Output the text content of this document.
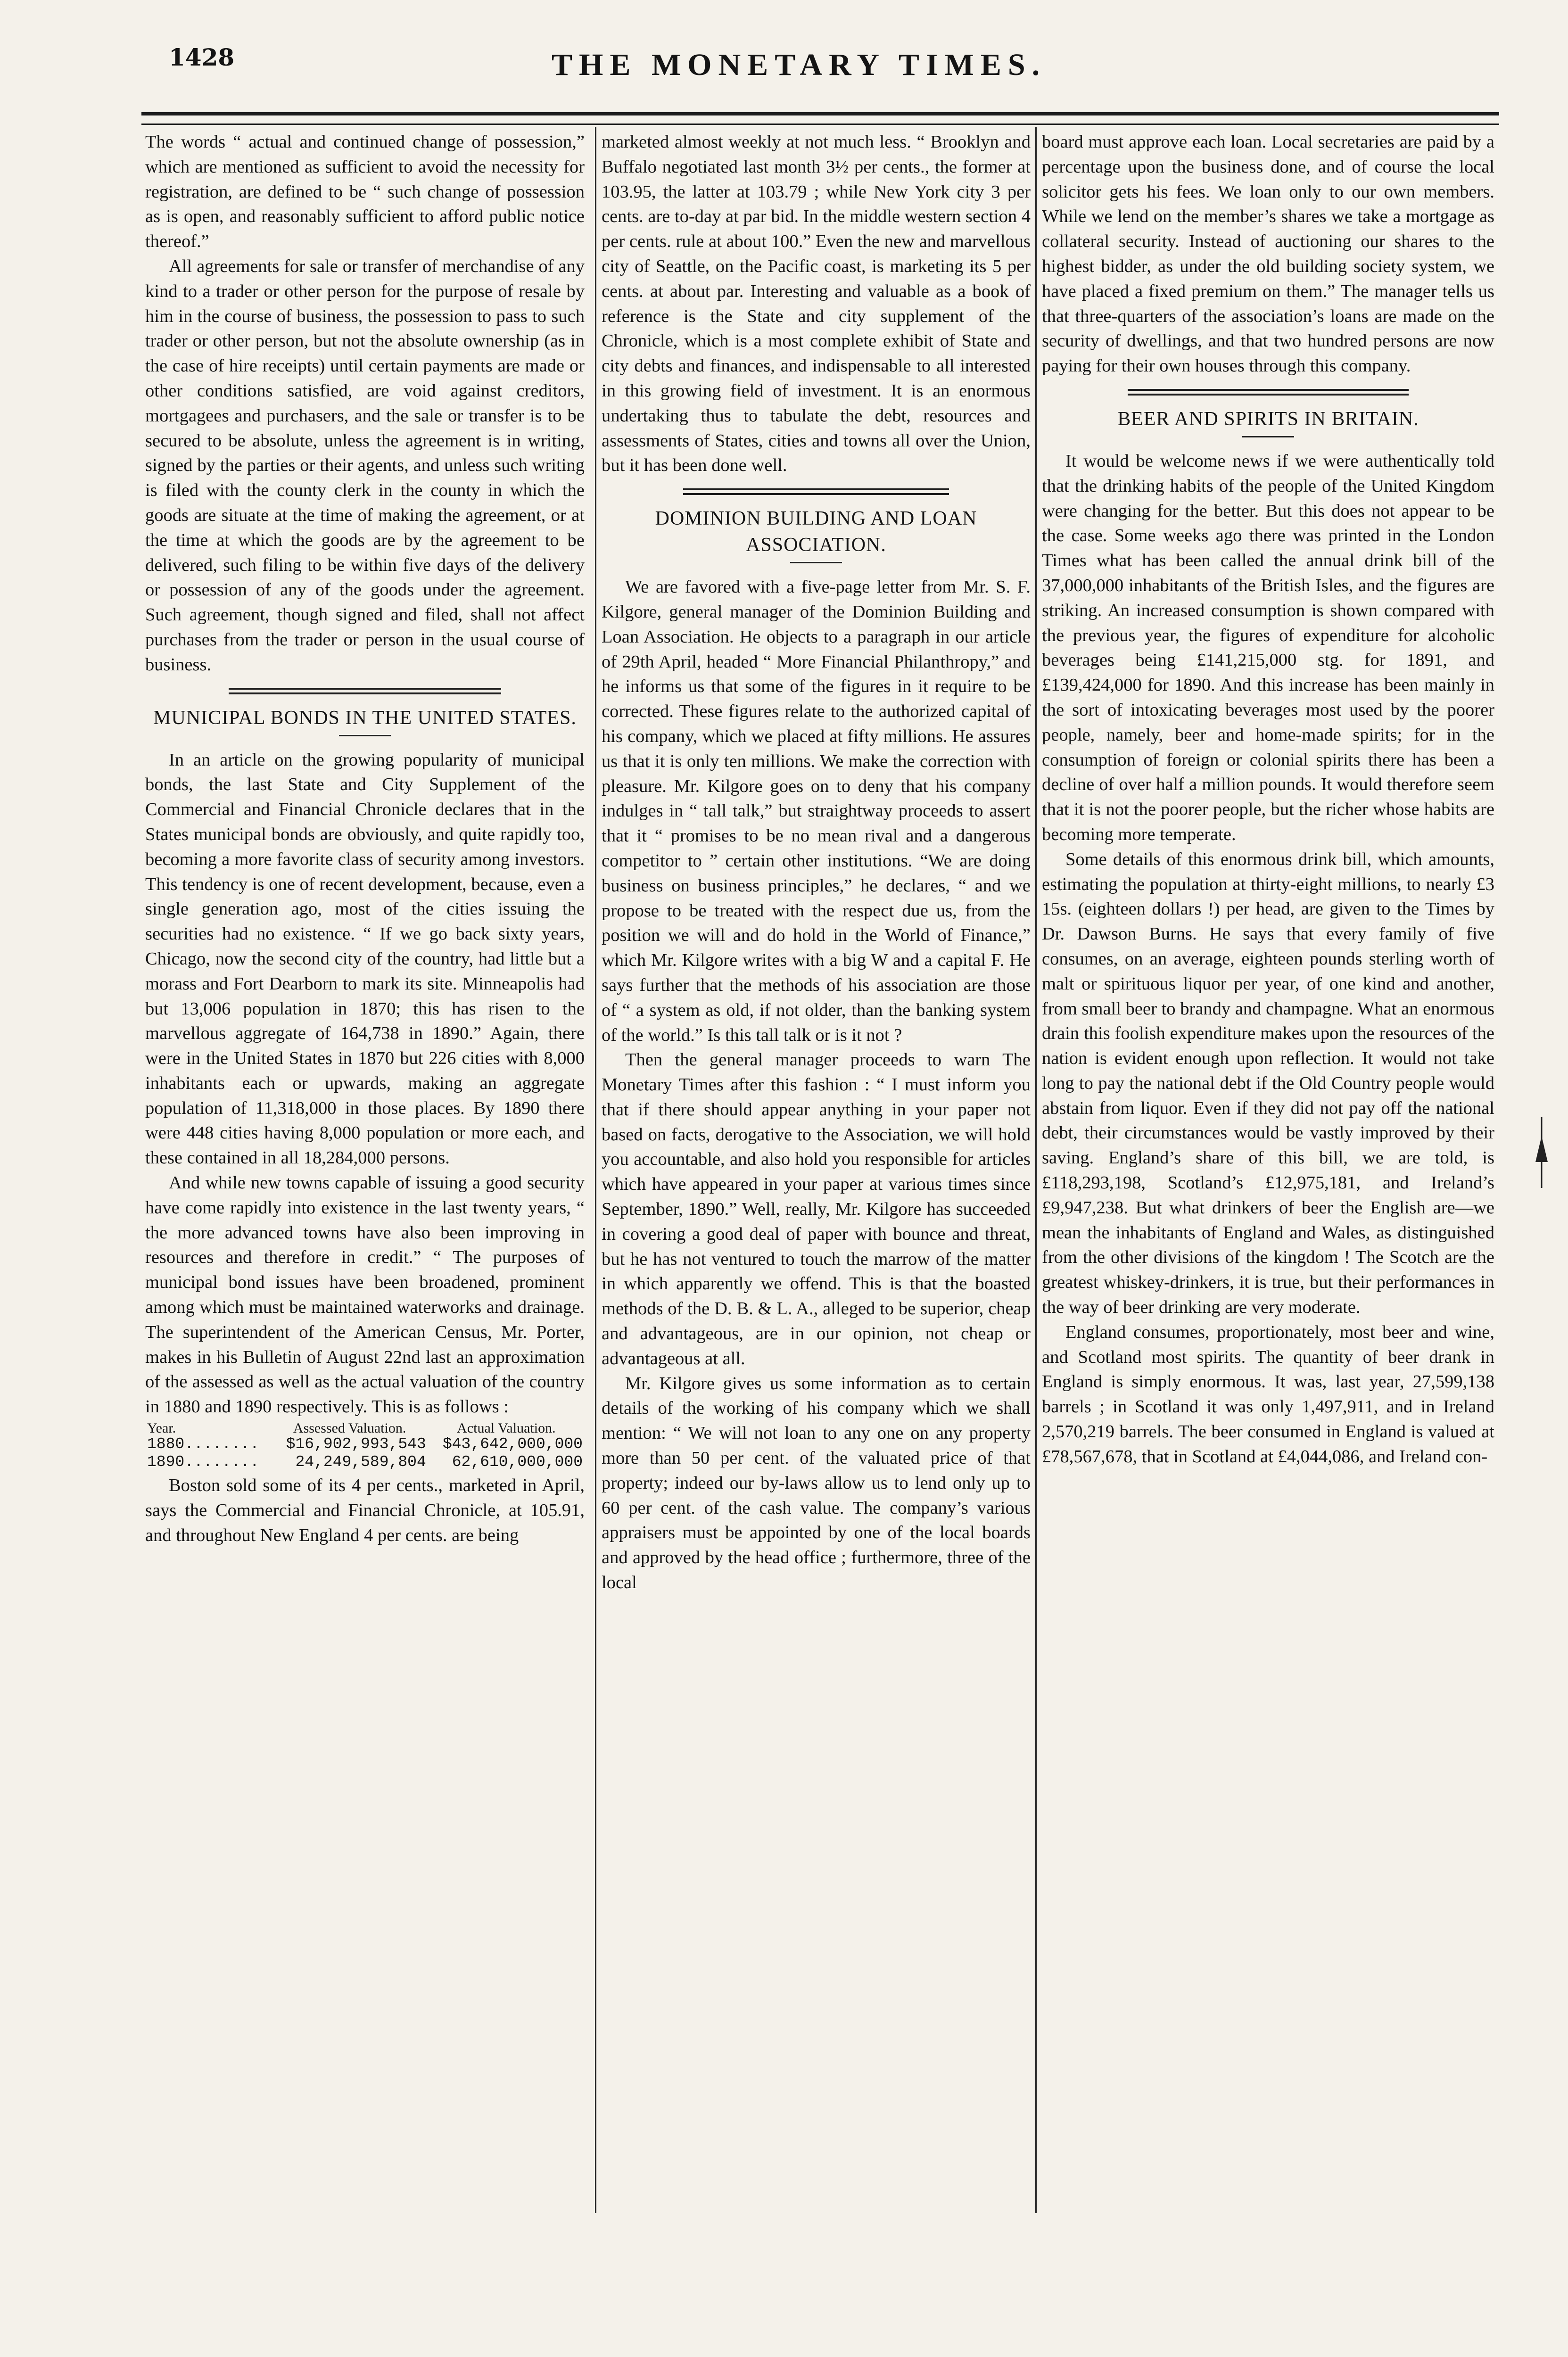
1428	THE MONETARY TIMES.

The words “ actual and continued change of possession,” which are mentioned as sufficient to avoid the necessity for registration, are defined to be “ such change of possession as is open, and reasonably sufficient to afford public notice thereof.”

All agreements for sale or transfer of merchandise of any kind to a trader or other person for the purpose of resale by him in the course of business, the possession to pass to such trader or other person, but not the absolute ownership (as in the case of hire receipts) until certain payments are made or other conditions satisfied, are void against creditors, mortgagees and purchasers, and the sale or transfer is to be secured to be absolute, unless the agreement is in writing, signed by the parties or their agents, and unless such writing is filed with the county clerk in the county in which the goods are situate at the time of making the agreement, or at the time at which the goods are by the agreement to be delivered, such filing to be within five days of the delivery or possession of any of the goods under the agreement. Such agreement, though signed and filed, shall not affect purchases from the trader or person in the usual course of business.

MUNICIPAL BONDS IN THE UNITED STATES.

In an article on the growing popularity of municipal bonds, the last State and City Supplement of the Commercial and Financial Chronicle declares that in the States municipal bonds are obviously, and quite rapidly too, becoming a more favorite class of security among investors. This tendency is one of recent development, because, even a single generation ago, most of the cities issuing the securities had no existence. “ If we go back sixty years, Chicago, now the second city of the country, had little but a morass and Fort Dearborn to mark its site. Minneapolis had but 13,006 population in 1870; this has risen to the marvellous aggregate of 164,738 in 1890.” Again, there were in the United States in 1870 but 226 cities with 8,000 inhabitants each or upwards, making an aggregate population of 11,318,000 in those places. By 1890 there were 448 cities having 8,000 population or more each, and these contained in all 18,284,000 persons.

And while new towns capable of issuing a good security have come rapidly into existence in the last twenty years, “ the more advanced towns have also been improving in resources and therefore in credit.” “ The purposes of municipal bond issues have been broadened, prominent among which must be maintained waterworks and drainage. The superintendent of the American Census, Mr. Porter, makes in his Bulletin of August 22nd last an approximation of the assessed as well as the actual valuation of the country in 1880 and 1890 respectively. This is as follows :

Year.	Assessed Valuation.	Actual Valuation.
1880........	$16,902,993,543	$43,642,000,000
1890........	24,249,589,804	62,610,000,000

Boston sold some of its 4 per cents., marketed in April, says the Commercial and Financial Chronicle, at 105.91, and throughout New England 4 per cents. are being

marketed almost weekly at not much less. “ Brooklyn and Buffalo negotiated last month 3½ per cents., the former at 103.95, the latter at 103.79 ; while New York city 3 per cents. are to-day at par bid. In the middle western section 4 per cents. rule at about 100.” Even the new and marvellous city of Seattle, on the Pacific coast, is marketing its 5 per cents. at about par. Interesting and valuable as a book of reference is the State and city supplement of the Chronicle, which is a most complete exhibit of State and city debts and finances, and indispensable to all interested in this growing field of investment. It is an enormous undertaking thus to tabulate the debt, resources and assessments of States, cities and towns all over the Union, but it has been done well.

DOMINION BUILDING AND LOAN ASSOCIATION.

We are favored with a five-page letter from Mr. S. F. Kilgore, general manager of the Dominion Building and Loan Association. He objects to a paragraph in our article of 29th April, headed “ More Financial Philanthropy,” and he informs us that some of the figures in it require to be corrected. These figures relate to the authorized capital of his company, which we placed at fifty millions. He assures us that it is only ten millions. We make the correction with pleasure. Mr. Kilgore goes on to deny that his company indulges in “ tall talk,” but straightway proceeds to assert that it “ promises to be no mean rival and a dangerous competitor to ” certain other institutions. “We are doing business on business principles,” he declares, “ and we propose to be treated with the respect due us, from the position we will and do hold in the World of Finance,” which Mr. Kilgore writes with a big W and a capital F. He says further that the methods of his association are those of “ a system as old, if not older, than the banking system of the world.” Is this tall talk or is it not ?

Then the general manager proceeds to warn The Monetary Times after this fashion : “ I must inform you that if there should appear anything in your paper not based on facts, derogative to the Association, we will hold you accountable, and also hold you responsible for articles which have appeared in your paper at various times since September, 1890.” Well, really, Mr. Kilgore has succeeded in covering a good deal of paper with bounce and threat, but he has not ventured to touch the marrow of the matter in which apparently we offend. This is that the boasted methods of the D. B. & L. A., alleged to be superior, cheap and advantageous, are in our opinion, not cheap or advantageous at all.

Mr. Kilgore gives us some information as to certain details of the working of his company which we shall mention: “ We will not loan to any one on any property more than 50 per cent. of the valuated price of that property; indeed our by-laws allow us to lend only up to 60 per cent. of the cash value. The company’s various appraisers must be appointed by one of the local boards and approved by the head office ; furthermore, three of the local

board must approve each loan. Local secretaries are paid by a percentage upon the business done, and of course the local solicitor gets his fees. We loan only to our own members. While we lend on the member’s shares we take a mortgage as collateral security. Instead of auctioning our shares to the highest bidder, as under the old building society system, we have placed a fixed premium on them.” The manager tells us that three-quarters of the association’s loans are made on the security of dwellings, and that two hundred persons are now paying for their own houses through this company.

BEER AND SPIRITS IN BRITAIN.

It would be welcome news if we were authentically told that the drinking habits of the people of the United Kingdom were changing for the better. But this does not appear to be the case. Some weeks ago there was printed in the London Times what has been called the annual drink bill of the 37,000,000 inhabitants of the British Isles, and the figures are striking. An increased consumption is shown compared with the previous year, the figures of expenditure for alcoholic beverages being £141,215,000 stg. for 1891, and £139,424,000 for 1890. And this increase has been mainly in the sort of intoxicating beverages most used by the poorer people, namely, beer and home-made spirits; for in the consumption of foreign or colonial spirits there has been a decline of over half a million pounds. It would therefore seem that it is not the poorer people, but the richer whose habits are becoming more temperate.

Some details of this enormous drink bill, which amounts, estimating the population at thirty-eight millions, to nearly £3 15s. (eighteen dollars !) per head, are given to the Times by Dr. Dawson Burns. He says that every family of five consumes, on an average, eighteen pounds sterling worth of malt or spirituous liquor per year, of one kind and another, from small beer to brandy and champagne. What an enormous drain this foolish expenditure makes upon the resources of the nation is evident enough upon reflection. It would not take long to pay the national debt if the Old Country people would abstain from liquor. Even if they did not pay off the national debt, their circumstances would be vastly improved by their saving. England’s share of this bill, we are told, is £118,293,198, Scotland’s £12,975,181, and Ireland’s £9,947,238. But what drinkers of beer the English are—we mean the inhabitants of England and Wales, as distinguished from the other divisions of the kingdom ! The Scotch are the greatest whiskey-drinkers, it is true, but their performances in the way of beer drinking are very moderate.

England consumes, proportionately, most beer and wine, and Scotland most spirits. The quantity of beer drank in England is simply enormous. It was, last year, 27,599,138 barrels ; in Scotland it was only 1,497,911, and in Ireland 2,570,219 barrels. The beer consumed in England is valued at £78,567,678, that in Scotland at £4,044,086, and Ireland con-
